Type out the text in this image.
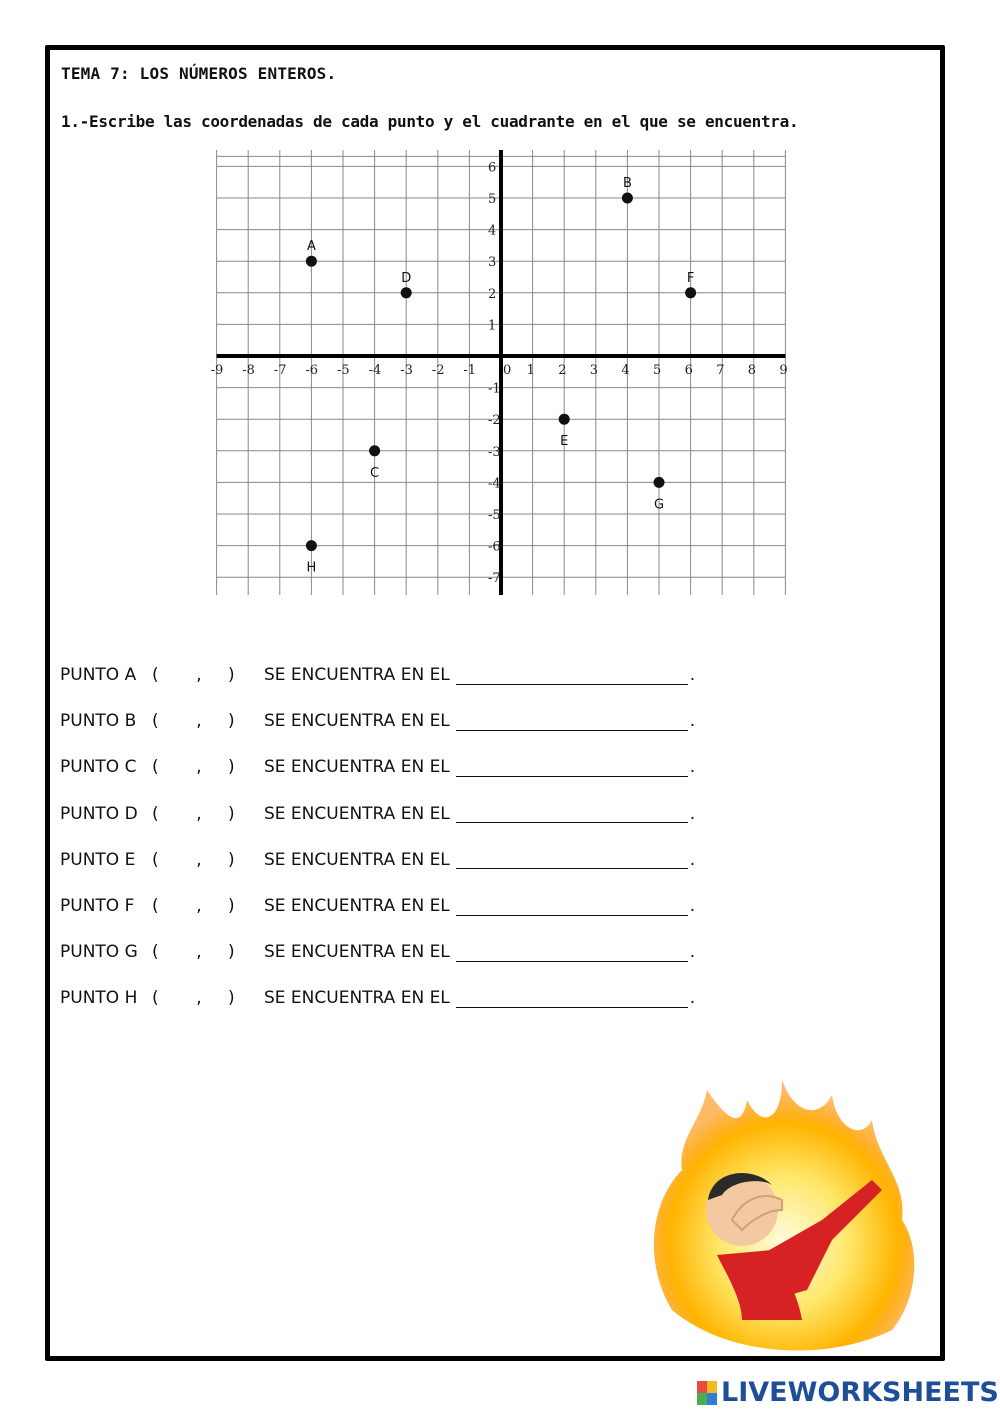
TEMA 7: LOS NÚMEROS ENTEROS.
1.-Escribe las coordenadas de cada punto y el cuadrante en el que se encuentra.
-9 -8 -7 -6 -5 -4 -3 -2 -1 0 1 2 3 4 5 6 7 8 9
-7
-6
-5
-4
-3
-2
-1
1
2
3
4
5
6
A
B
C
D
E
F
G
H
PUNTO A (	,	)	SE ENCUENTRA EN EL	.
PUNTO B (	,	)	SE ENCUENTRA EN EL	.
PUNTO C (	,	)	SE ENCUENTRA EN EL	.
PUNTO D (	,	)	SE ENCUENTRA EN EL	.
PUNTO E (	,	)	SE ENCUENTRA EN EL	.
PUNTO F	(	,	)	SE ENCUENTRA EN EL	.
PUNTO G (	,	)	SE ENCUENTRA EN EL	.
PUNTO H (	,	)	SE ENCUENTRA EN EL	.
LIVEWORKSHEETS
